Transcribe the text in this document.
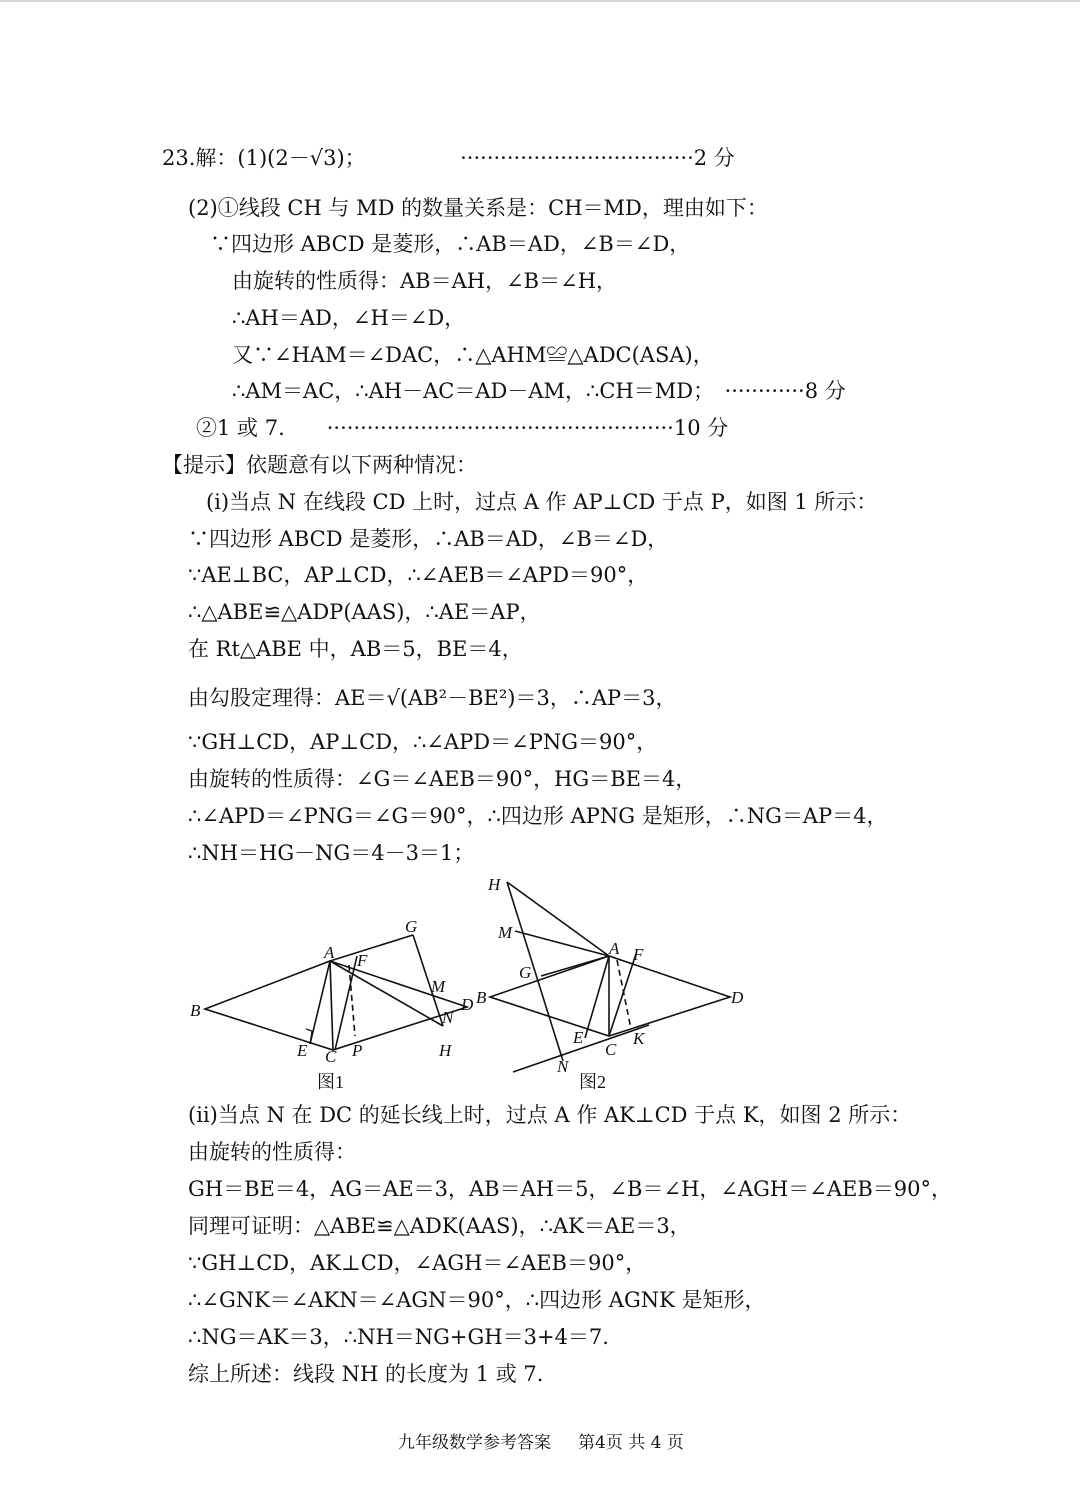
23.解：(1)(2－√3)；　　　　　···································2 分
(2)①线段 CH 与 MD 的数量关系是：CH＝MD，理由如下：
∵四边形 ABCD 是菱形，∴AB＝AD，∠B＝∠D，
由旋转的性质得：AB＝AH，∠B＝∠H，
∴AH＝AD，∠H＝∠D，
又∵∠HAM＝∠DAC，∴△AHM≌△ADC(ASA)，
∴AM＝AC，∴AH－AC＝AD－AM，∴CH＝MD；　············8 分
②1 或 7.　　····················································10 分
【提示】依题意有以下两种情况：
(ⅰ)当点 N 在线段 CD 上时，过点 A 作 AP⊥CD 于点 P，如图 1 所示：
∵四边形 ABCD 是菱形，∴AB＝AD，∠B＝∠D，
∵AE⊥BC，AP⊥CD，∴∠AEB＝∠APD＝90°，
∴△ABE≌△ADP(AAS)，∴AE＝AP，
在 Rt△ABE 中，AB＝5，BE＝4，
由勾股定理得：AE＝√(AB²－BE²)＝3，∴AP＝3，
∵GH⊥CD，AP⊥CD，∴∠APD＝∠PNG＝90°，
由旋转的性质得：∠G＝∠AEB＝90°，HG＝BE＝4，
∴∠APD＝∠PNG＝∠G＝90°，∴四边形 APNG 是矩形，∴NG＝AP＝4，
∴NH＝HG－NG＝4－3＝1；
B
A F
G
M
D
N
H
E C P
图1
H
M
G
B
A F
D
E
C
K
N
图2
(ⅱ)当点 N 在 DC 的延长线上时，过点 A 作 AK⊥CD 于点 K，如图 2 所示：
由旋转的性质得：
GH＝BE＝4，AG＝AE＝3，AB＝AH＝5，∠B＝∠H，∠AGH＝∠AEB＝90°，
同理可证明：△ABE≌△ADK(AAS)，∴AK＝AE＝3，
∵GH⊥CD，AK⊥CD，∠AGH＝∠AEB＝90°，
∴∠GNK＝∠AKN＝∠AGN＝90°，∴四边形 AGNK 是矩形，
∴NG＝AK＝3，∴NH＝NG+GH＝3+4＝7.
综上所述：线段 NH 的长度为 1 或 7.
九年级数学参考答案 第4页 共 4 页
